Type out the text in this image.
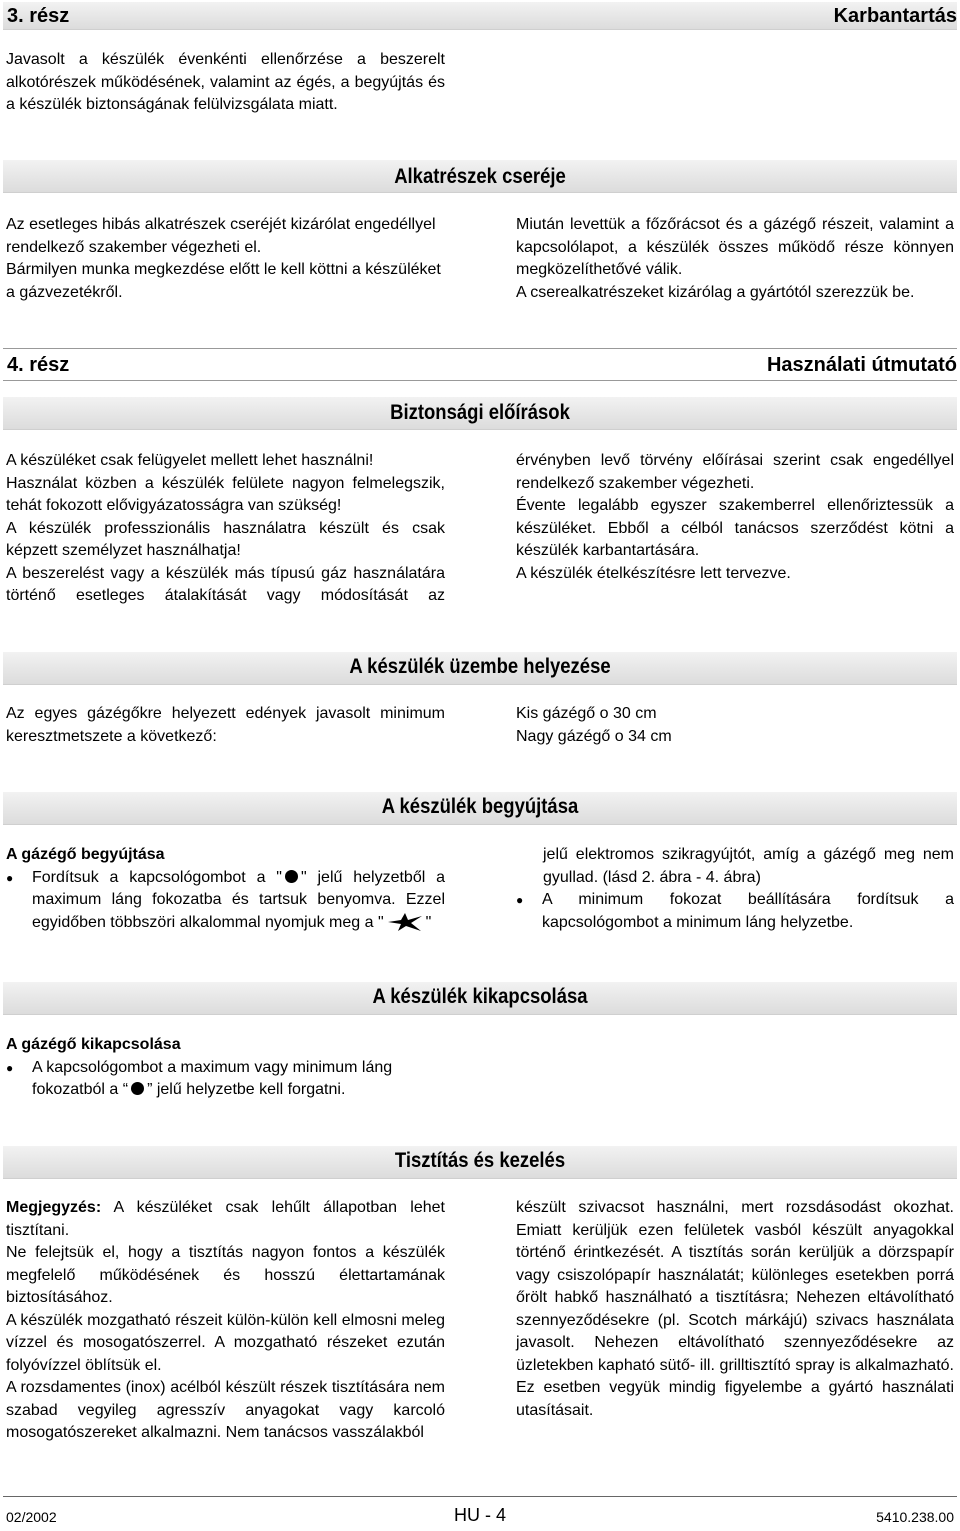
3. rész	Karbantartás

Javasolt a készülék évenkénti ellenőrzése a beszerelt alkotórészek működésének, valamint az égés, a begyújtás és a készülék biztonságának felülvizsgálata miatt.

Alkatrészek cseréje

Az esetleges hibás alkatrészek cseréjét kizárólat engedéllyel rendelkező szakember végezheti el.

Bármilyen munka megkezdése előtt le kell köttni a készüléket a gázvezetékről.

Miután levettük a főzőrácsot és a gázégő részeit, valamint a kapcsolólapot, a készülék összes működő része könnyen megközelíthetővé válik.

A cserealkatrészeket kizárólag a gyártótól szerezzük be.

4. rész	Használati útmutató
Biztonsági előírások

A készüléket csak felügyelet mellett lehet használni!

Használat közben a készülék felülete nagyon felmelegszik, tehát fokozott elővigyázatosságra van szükség!

A készülék professzionális használatra készült és csak képzett személyzet használhatja!

A beszerelést vagy a készülék más típusú gáz használatára történő esetleges átalakítását vagy módosítását az

érvényben levő törvény előírásai szerint csak engedéllyel rendelkező szakember végezheti.

Évente legalább egyszer szakemberrel ellenőriztessük a készüléket. Ebből a célból tanácsos szerződést kötni a készülék karbantartására.

A készülék ételkészítésre lett tervezve.

A készülék üzembe helyezése

Az egyes gázégőkre helyezett edények javasolt minimum keresztmetszete a következő:

Kis gázégő o 30 cm

Nagy gázégő o 34 cm

A készülék begyújtása

A gázégő begyújtása

●	Fordítsuk a kapcsológombot a " " jelű helyzetből a maximum láng fokozatba és tartsuk benyomva. Ezzel egyidőben többszöri alkalommal nyomjuk meg a "	"

jelű elektromos szikragyújtót, amíg a gázégő meg nem gyullad. (lásd 2. ábra - 4. ábra)

●	A minimum fokozat beállítására fordítsuk a kapcsológombot a minimum láng helyzetbe.
A készülék kikapcsolása

A gázégő kikapcsolása

●	A kapcsológombot a maximum vagy minimum láng fokozatból a “ ” jelű helyzetbe kell forgatni.
Tisztítás és kezelés

Megjegyzés: A készüléket csak lehűlt állapotban lehet tisztítani.

Ne felejtsük el, hogy a tisztítás nagyon fontos a készülék megfelelő működésének és hosszú élettartamának biztosításához.

A készülék mozgatható részeit külön-külön kell elmosni meleg vízzel és mosogatószerrel. A mozgatható részeket ezután folyóvízzel öblítsük el.

A rozsdamentes (inox) acélból készült részek tisztítására nem szabad vegyileg agresszív anyagokat vagy karcoló mosogatószereket alkalmazni. Nem tanácsos vasszálakból

készült szivacsot használni, mert rozsdásodást okozhat. Emiatt kerüljük ezen felületek vasból készült anyagokkal történő érintkezését. A tisztítás során kerüljük a dörzspapír vagy csiszolópapír használatát; különleges esetekben porrá őrölt habkő használható a tisztításra; Nehezen eltávolítható szennyeződésekre (pl. Scotch márkájú) szivacs használata javasolt. Nehezen eltávolítható szennyeződésekre az üzletekben kapható sütő- ill. grilltisztító spray is alkalmazható. Ez esetben vegyük mindig figyelembe a gyártó használati utasításait.

02/2002	HU - 4	5410.238.00
